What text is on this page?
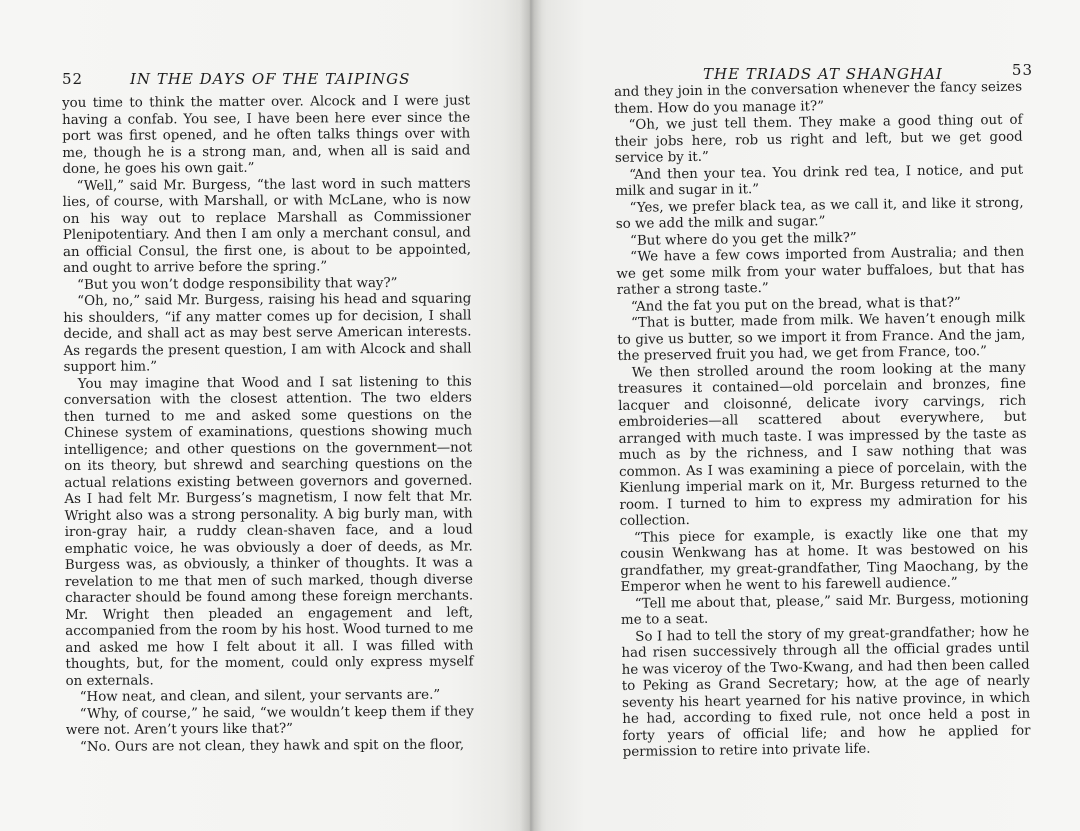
52	IN THE DAYS OF THE TAIPINGS

you time to think the matter over. Alcock and I were just having a confab. You see, I have been here ever since the port was first opened, and he often talks things over with me, though he is a strong man, and, when all is said and done, he goes his own gait.”

“Well,” said Mr. Burgess, “the last word in such matters lies, of course, with Marshall, or with McLane, who is now on his way out to replace Marshall as Commissioner Plenipotentiary. And then I am only a merchant consul, and an official Consul, the first one, is about to be appointed, and ought to arrive before the spring.”

“But you won’t dodge responsibility that way?”

“Oh, no,” said Mr. Burgess, raising his head and squaring his shoulders, “if any matter comes up for decision, I shall decide, and shall act as may best serve American interests. As regards the present question, I am with Alcock and shall support him.”

You may imagine that Wood and I sat listening to this conversation with the closest attention. The two elders then turned to me and asked some questions on the Chinese system of examinations, questions showing much intelligence; and other questions on the government—not on its theory, but shrewd and searching questions on the actual relations existing between governors and governed. As I had felt Mr. Burgess’s magnetism, I now felt that Mr. Wright also was a strong personality. A big burly man, with iron-gray hair, a ruddy clean-shaven face, and a loud emphatic voice, he was obviously a doer of deeds, as Mr. Burgess was, as obviously, a thinker of thoughts. It was a revelation to me that men of such marked, though diverse character should be found among these foreign merchants. Mr. Wright then pleaded an engagement and left, accompanied from the room by his host. Wood turned to me and asked me how I felt about it all. I was filled with thoughts, but, for the moment, could only express myself on externals.

“How neat, and clean, and silent, your servants are.”

“Why, of course,” he said, “we wouldn’t keep them if they were not. Aren’t yours like that?”

“No. Ours are not clean, they hawk and spit on the floor,

THE TRIADS AT SHANGHAI	53

and they join in the conversation whenever the fancy seizes them. How do you manage it?”

“Oh, we just tell them. They make a good thing out of their jobs here, rob us right and left, but we get good service by it.”

“And then your tea. You drink red tea, I notice, and put milk and sugar in it.”

“Yes, we prefer black tea, as we call it, and like it strong, so we add the milk and sugar.”

“But where do you get the milk?”

“We have a few cows imported from Australia; and then we get some milk from your water buffaloes, but that has rather a strong taste.”

“And the fat you put on the bread, what is that?”

“That is butter, made from milk. We haven’t enough milk to give us butter, so we import it from France. And the jam, the preserved fruit you had, we get from France, too.”

We then strolled around the room looking at the many treasures it contained—old porcelain and bronzes, fine lacquer and cloisonné, delicate ivory carvings, rich embroideries—all scattered about everywhere, but arranged with much taste. I was impressed by the taste as much as by the richness, and I saw nothing that was common. As I was examining a piece of porcelain, with the Kienlung imperial mark on it, Mr. Burgess returned to the room. I turned to him to express my admiration for his collection.

“This piece for example, is exactly like one that my cousin Wenkwang has at home. It was bestowed on his grandfather, my great-grandfather, Ting Maochang, by the Emperor when he went to his farewell audience.”

“Tell me about that, please,” said Mr. Burgess, motioning me to a seat.

So I had to tell the story of my great-grandfather; how he had risen successively through all the official grades until he was viceroy of the Two-Kwang, and had then been called to Peking as Grand Secretary; how, at the age of nearly seventy his heart yearned for his native province, in which he had, according to fixed rule, not once held a post in forty years of official life; and how he applied for permission to retire into private life.
